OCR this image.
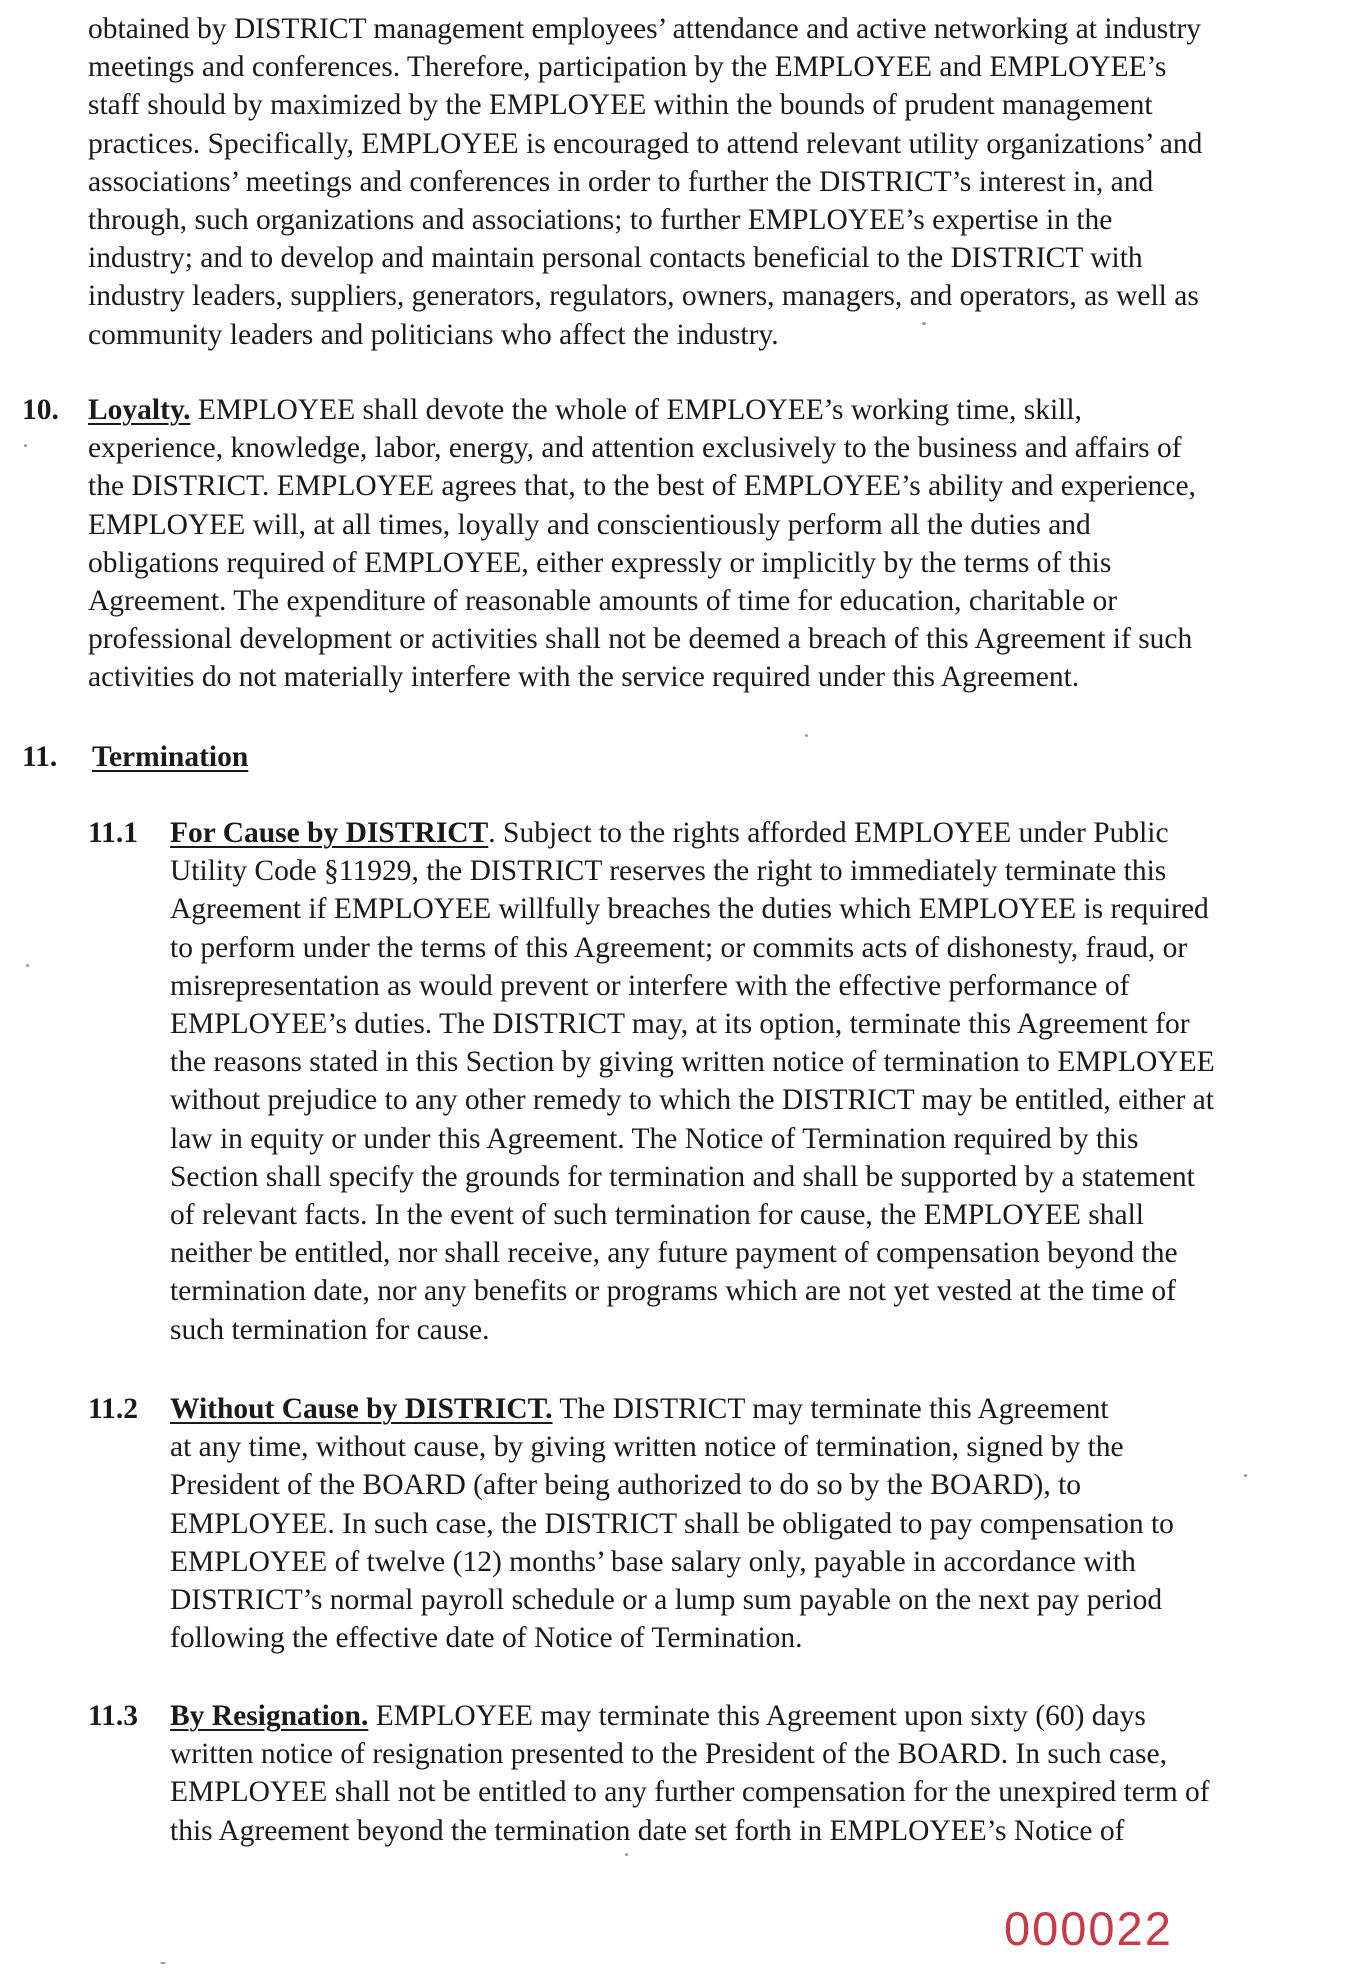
obtained by DISTRICT management employees’ attendance and active networking at industry
meetings and conferences. Therefore, participation by the EMPLOYEE and EMPLOYEE’s
staff should by maximized by the EMPLOYEE within the bounds of prudent management
practices. Specifically, EMPLOYEE is encouraged to attend relevant utility organizations’ and
associations’ meetings and conferences in order to further the DISTRICT’s interest in, and
through, such organizations and associations; to further EMPLOYEE’s expertise in the
industry; and to develop and maintain personal contacts beneficial to the DISTRICT with
industry leaders, suppliers, generators, regulators, owners, managers, and operators, as well as
community leaders and politicians who affect the industry.
10. Loyalty. EMPLOYEE shall devote the whole of EMPLOYEE’s working time, skill,
experience, knowledge, labor, energy, and attention exclusively to the business and affairs of
the DISTRICT. EMPLOYEE agrees that, to the best of EMPLOYEE’s ability and experience,
EMPLOYEE will, at all times, loyally and conscientiously perform all the duties and
obligations required of EMPLOYEE, either expressly or implicitly by the terms of this
Agreement. The expenditure of reasonable amounts of time for education, charitable or
professional development or activities shall not be deemed a breach of this Agreement if such
activities do not materially interfere with the service required under this Agreement.
11. Termination
11.1 For Cause by DISTRICT. Subject to the rights afforded EMPLOYEE under Public
Utility Code §11929, the DISTRICT reserves the right to immediately terminate this
Agreement if EMPLOYEE willfully breaches the duties which EMPLOYEE is required
to perform under the terms of this Agreement; or commits acts of dishonesty, fraud, or
misrepresentation as would prevent or interfere with the effective performance of
EMPLOYEE’s duties. The DISTRICT may, at its option, terminate this Agreement for
the reasons stated in this Section by giving written notice of termination to EMPLOYEE
without prejudice to any other remedy to which the DISTRICT may be entitled, either at
law in equity or under this Agreement. The Notice of Termination required by this
Section shall specify the grounds for termination and shall be supported by a statement
of relevant facts. In the event of such termination for cause, the EMPLOYEE shall
neither be entitled, nor shall receive, any future payment of compensation beyond the
termination date, nor any benefits or programs which are not yet vested at the time of
such termination for cause.
11.2 Without Cause by DISTRICT. The DISTRICT may terminate this Agreement
at any time, without cause, by giving written notice of termination, signed by the
President of the BOARD (after being authorized to do so by the BOARD), to
EMPLOYEE. In such case, the DISTRICT shall be obligated to pay compensation to
EMPLOYEE of twelve (12) months’ base salary only, payable in accordance with
DISTRICT’s normal payroll schedule or a lump sum payable on the next pay period
following the effective date of Notice of Termination.
11.3 By Resignation. EMPLOYEE may terminate this Agreement upon sixty (60) days
written notice of resignation presented to the President of the BOARD. In such case,
EMPLOYEE shall not be entitled to any further compensation for the unexpired term of
this Agreement beyond the termination date set forth in EMPLOYEE’s Notice of
000022
